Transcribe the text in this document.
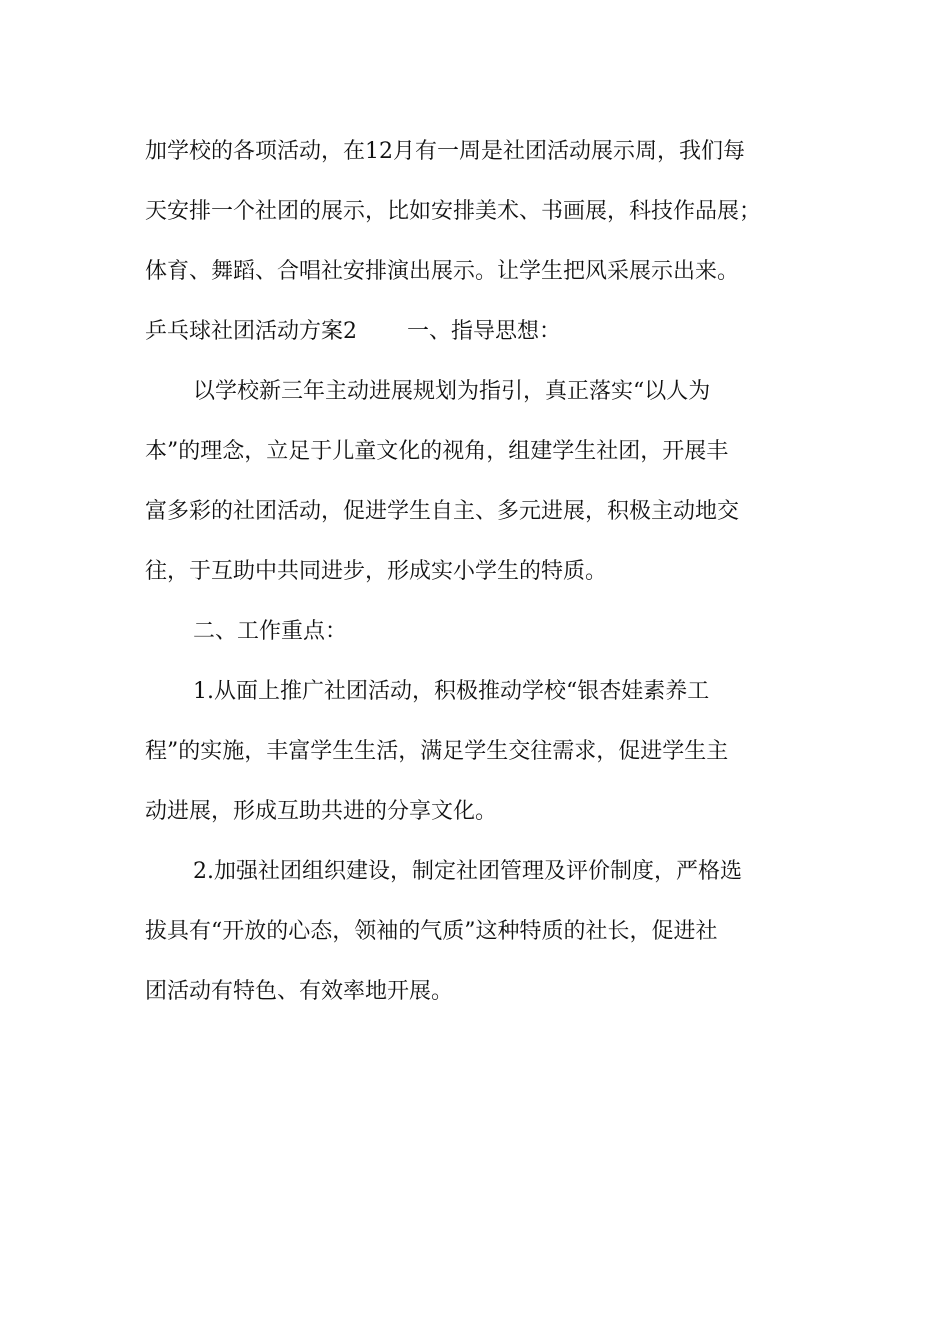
加学校的各项活动，在12月有一周是社团活动展示周，我们每
天安排一个社团的展示，比如安排美术、书画展，科技作品展；
体育、舞蹈、合唱社安排演出展示。让学生把风采展示出来。
乒乓球社团活动方案2 一、指导思想：
以学校新三年主动进展规划为指引，真正落实“以人为
本”的理念，立足于儿童文化的视角，组建学生社团，开展丰
富多彩的社团活动，促进学生自主、多元进展，积极主动地交
往，于互助中共同进步，形成实小学生的特质。
二、工作重点：
1.从面上推广社团活动，积极推动学校“银杏娃素养工
程”的实施，丰富学生生活，满足学生交往需求，促进学生主
动进展，形成互助共进的分享文化。
2.加强社团组织建设，制定社团管理及评价制度，严格选
拔具有“开放的心态，领袖的气质”这种特质的社长，促进社
团活动有特色、有效率地开展。
